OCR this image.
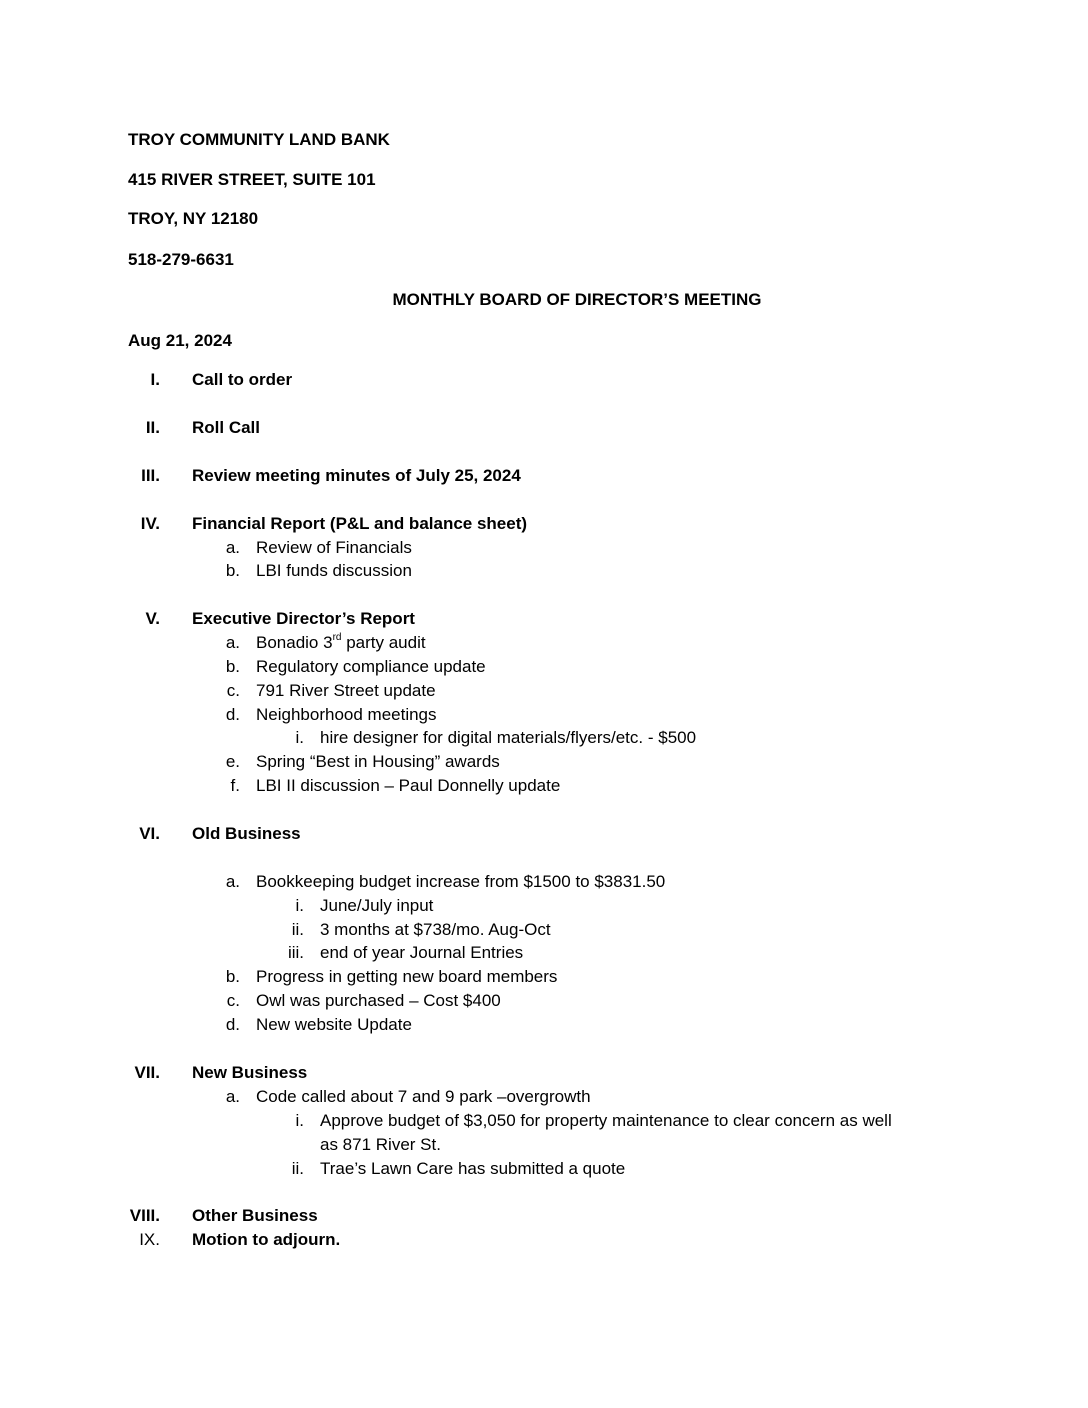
TROY COMMUNITY LAND BANK
415 RIVER STREET, SUITE 101
TROY, NY 12180
518-279-6631
MONTHLY BOARD OF DIRECTOR’S MEETING
Aug 21, 2024
I. Call to order
II. Roll Call
III. Review meeting minutes of July 25, 2024
IV. Financial Report (P&L and balance sheet)
a. Review of Financials
b. LBI funds discussion
V. Executive Director’s Report
a. Bonadio 3rd party audit
b. Regulatory compliance update
c. 791 River Street update
d. Neighborhood meetings
i. hire designer for digital materials/flyers/etc. - $500
e. Spring “Best in Housing” awards
f. LBI II discussion – Paul Donnelly update
VI. Old Business
a. Bookkeeping budget increase from $1500 to $3831.50
i. June/July input
ii. 3 months at $738/mo. Aug-Oct
iii. end of year Journal Entries
b. Progress in getting new board members
c. Owl was purchased – Cost $400
d. New website Update
VII. New Business
a. Code called about 7 and 9 park –overgrowth
i. Approve budget of $3,050 for property maintenance to clear concern as well
as 871 River St.
ii. Trae’s Lawn Care has submitted a quote
VIII. Other Business
IX. Motion to adjourn.
